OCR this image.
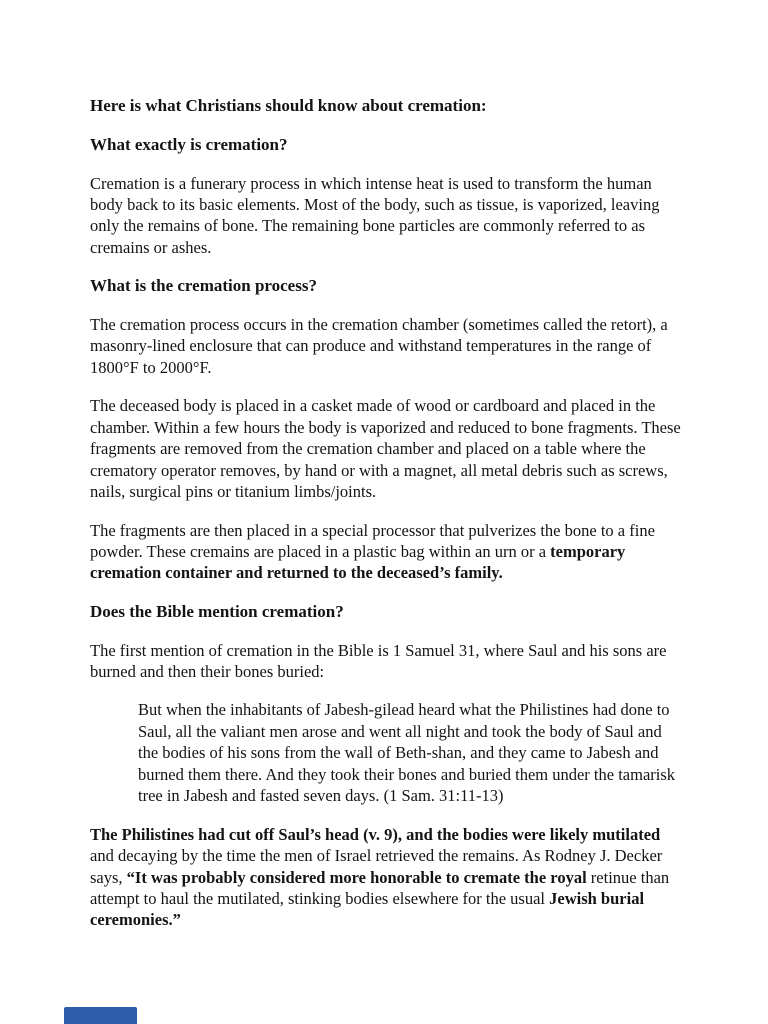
Here is what Christians should know about cremation:

What exactly is cremation?

Cremation is a funerary process in which intense heat is used to transform the human body back to its basic elements. Most of the body, such as tissue, is vaporized, leaving only the remains of bone. The remaining bone particles are commonly referred to as cremains or ashes.

What is the cremation process?

The cremation process occurs in the cremation chamber (sometimes called the retort), a masonry-lined enclosure that can produce and withstand temperatures in the range of 1800°F to 2000°F.

The deceased body is placed in a casket made of wood or cardboard and placed in the chamber. Within a few hours the body is vaporized and reduced to bone fragments. These fragments are removed from the cremation chamber and placed on a table where the crematory operator removes, by hand or with a magnet, all metal debris such as screws, nails, surgical pins or titanium limbs/joints.

The fragments are then placed in a special processor that pulverizes the bone to a fine powder. These cremains are placed in a plastic bag within an urn or a temporary cremation container and returned to the deceased’s family.

Does the Bible mention cremation?

The first mention of cremation in the Bible is 1 Samuel 31, where Saul and his sons are burned and then their bones buried:

But when the inhabitants of Jabesh-gilead heard what the Philistines had done to Saul, all the valiant men arose and went all night and took the body of Saul and the bodies of his sons from the wall of Beth-shan, and they came to Jabesh and burned them there. And they took their bones and buried them under the tamarisk tree in Jabesh and fasted seven days. (1 Sam. 31:11-13)

The Philistines had cut off Saul’s head (v. 9), and the bodies were likely mutilated and decaying by the time the men of Israel retrieved the remains. As Rodney J. Decker says, “It was probably considered more honorable to cremate the royal retinue than attempt to haul the mutilated, stinking bodies elsewhere for the usual Jewish burial ceremonies.”
